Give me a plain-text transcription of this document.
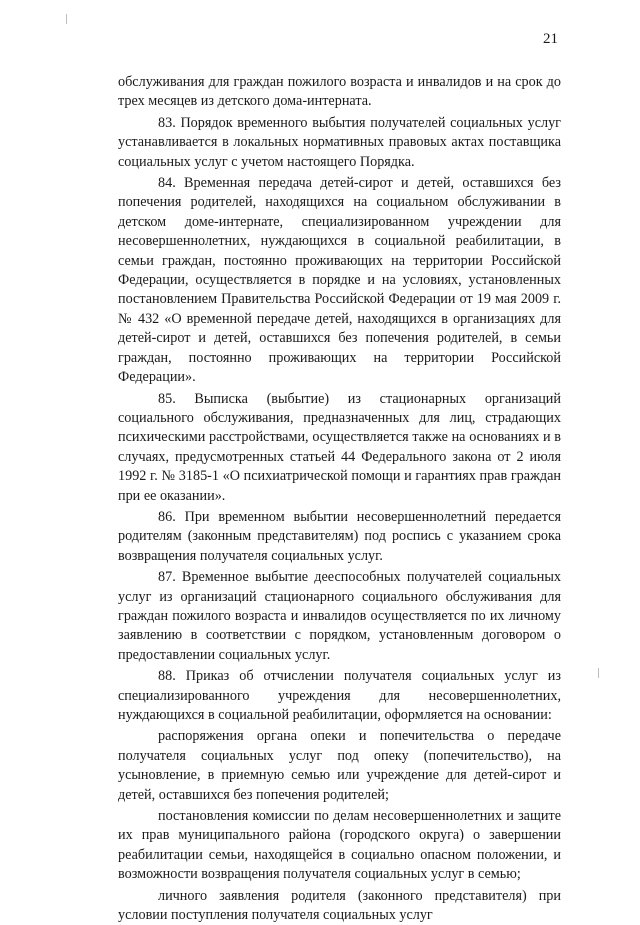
21

обслуживания для граждан пожилого возраста и инвалидов и на срок до трех месяцев из детского дома-интерната.

83. Порядок временного выбытия получателей социальных услуг устанавливается в локальных нормативных правовых актах поставщика социальных услуг с учетом настоящего Порядка.

84. Временная передача детей-сирот и детей, оставшихся без попечения родителей, находящихся на социальном обслуживании в детском доме-интернате, специализированном учреждении для несовершеннолетних, нуждающихся в социальной реабилитации, в семьи граждан, постоянно проживающих на территории Российской Федерации, осуществляется в порядке и на условиях, установленных постановлением Правительства Российской Федерации от 19 мая 2009 г. № 432 «О временной передаче детей, находящихся в организациях для детей-сирот и детей, оставшихся без попечения родителей, в семьи граждан, постоянно проживающих на территории Российской Федерации».

85. Выписка (выбытие) из стационарных организаций социального обслуживания, предназначенных для лиц, страдающих психическими расстройствами, осуществляется также на основаниях и в случаях, предусмотренных статьей 44 Федерального закона от 2 июля 1992 г. № 3185-1 «О психиатрической помощи и гарантиях прав граждан при ее оказании».

86. При временном выбытии несовершеннолетний передается родителям (законным представителям) под роспись с указанием срока возвращения получателя социальных услуг.

87. Временное выбытие дееспособных получателей социальных услуг из организаций стационарного социального обслуживания для граждан пожилого возраста и инвалидов осуществляется по их личному заявлению в соответствии с порядком, установленным договором о предоставлении социальных услуг.

88. Приказ об отчислении получателя социальных услуг из специализированного учреждения для несовершеннолетних, нуждающихся в социальной реабилитации, оформляется на основании:

распоряжения органа опеки и попечительства о передаче получателя социальных услуг под опеку (попечительство), на усыновление, в приемную семью или учреждение для детей-сирот и детей, оставшихся без попечения родителей;

постановления комиссии по делам несовершеннолетних и защите их прав муниципального района (городского округа) о завершении реабилитации семьи, находящейся в социально опасном положении, и возможности возвращения получателя социальных услуг в семью;

личного заявления родителя (законного представителя) при условии поступления получателя социальных услуг
